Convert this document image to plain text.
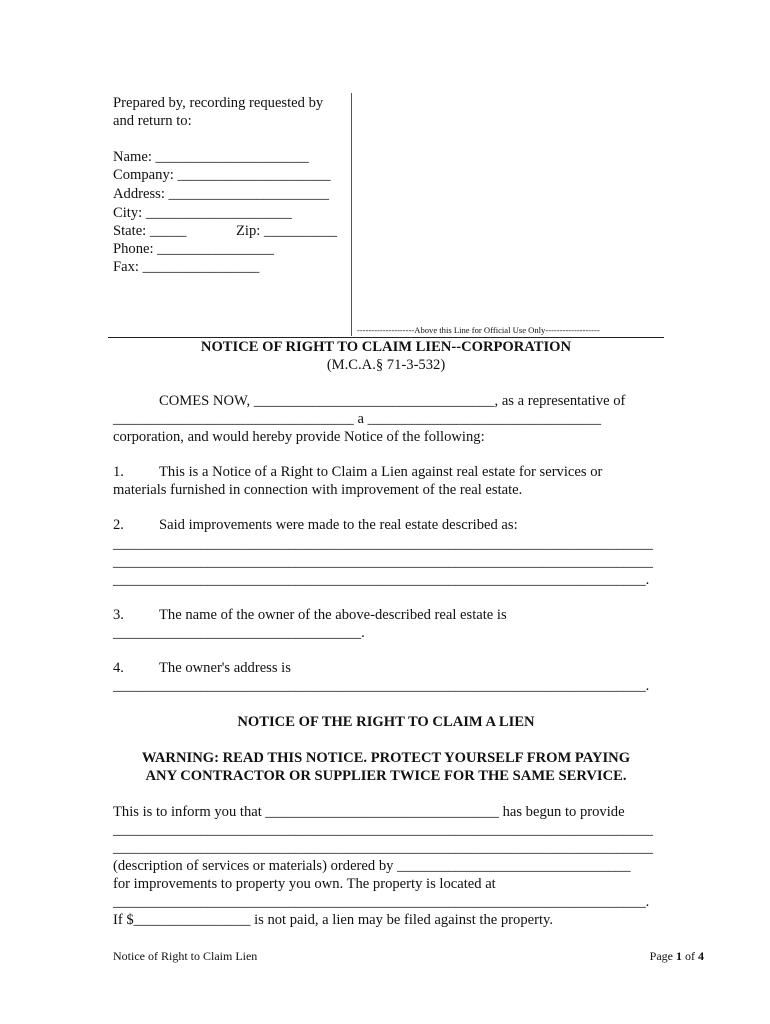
Prepared by, recording requested by
and return to:
Name: _____________________
Company: _____________________
Address: ______________________
City: ____________________
State: _____	Zip: __________
Phone: ________________
Fax: ________________
--------------------Above this Line for Official Use Only-------------------
NOTICE OF RIGHT TO CLAIM LIEN--CORPORATION
(M.C.A.§ 71-3-532)
COMES NOW, _________________________________, as a representative of
_________________________________ a ________________________________
corporation, and would hereby provide Notice of the following:
1. This is a Notice of a Right to Claim a Lien against real estate for services or
materials furnished in connection with improvement of the real estate.
2. Said improvements were made to the real estate described as:
__________________________________________________________________________
__________________________________________________________________________
_________________________________________________________________________.
3. The name of the owner of the above-described real estate is
__________________________________.
4. The owner's address is
_________________________________________________________________________.
NOTICE OF THE RIGHT TO CLAIM A LIEN
WARNING: READ THIS NOTICE. PROTECT YOURSELF FROM PAYING
ANY CONTRACTOR OR SUPPLIER TWICE FOR THE SAME SERVICE.
This is to inform you that ________________________________ has begun to provide
__________________________________________________________________________
__________________________________________________________________________
(description of services or materials) ordered by ________________________________
for improvements to property you own. The property is located at
_________________________________________________________________________.
If $________________ is not paid, a lien may be filed against the property.
Notice of Right to Claim Lien	Page 1 of 4
